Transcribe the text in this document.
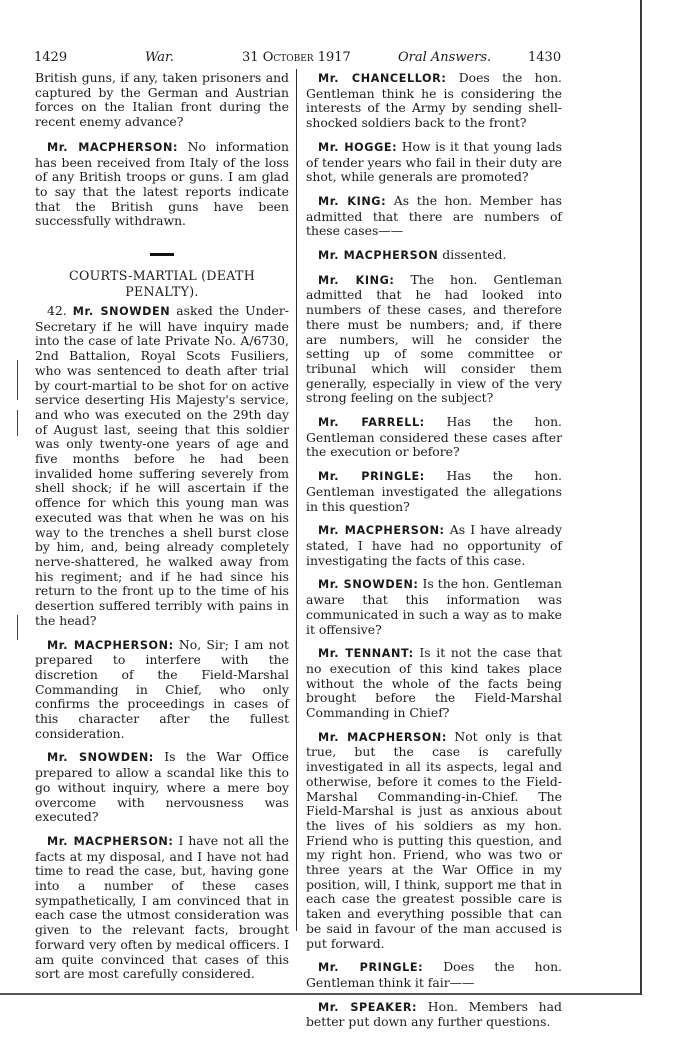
1429	War.	31 October 1917	Oral Answers.	1430

British guns, if any, taken prisoners and captured by the German and Austrian forces on the Italian front during the recent enemy advance?

Mr. MACPHERSON: No information has been received from Italy of the loss of any British troops or guns. I am glad to say that the latest reports indicate that the British guns have been successfully withdrawn.

COURTS-MARTIAL (DEATH
PENALTY).

42. Mr. SNOWDEN asked the Under-Secretary if he will have inquiry made into the case of late Private No. A/6730, 2nd Battalion, Royal Scots Fusiliers, who was sentenced to death after trial by court-martial to be shot for on active service deserting His Majesty's service, and who was executed on the 29th day of August last, seeing that this soldier was only twenty-one years of age and five months before he had been invalided home suffering severely from shell shock; if he will ascertain if the offence for which this young man was executed was that when he was on his way to the trenches a shell burst close by him, and, being already completely nerve-shattered, he walked away from his regiment; and if he had since his return to the front up to the time of his desertion suffered terribly with pains in the head?

Mr. MACPHERSON: No, Sir; I am not prepared to interfere with the discretion of the Field-Marshal Commanding in Chief, who only confirms the proceedings in cases of this character after the fullest consideration.

Mr. SNOWDEN: Is the War Office prepared to allow a scandal like this to go without inquiry, where a mere boy overcome with nervousness was executed?

Mr. MACPHERSON: I have not all the facts at my disposal, and I have not had time to read the case, but, having gone into a number of these cases sympathetically, I am convinced that in each case the utmost consideration was given to the relevant facts, brought forward very often by medical officers. I am quite convinced that cases of this sort are most carefully considered.

Mr. CHANCELLOR: Does the hon. Gentleman think he is considering the interests of the Army by sending shell-shocked soldiers back to the front?

Mr. HOGGE: How is it that young lads of tender years who fail in their duty are shot, while generals are promoted?

Mr. KING: As the hon. Member has admitted that there are numbers of these cases——

Mr. MACPHERSON dissented.

Mr. KING: The hon. Gentleman admitted that he had looked into numbers of these cases, and therefore there must be numbers; and, if there are numbers, will he consider the setting up of some committee or tribunal which will consider them generally, especially in view of the very strong feeling on the subject?

Mr. FARRELL: Has the hon. Gentleman considered these cases after the execution or before?

Mr. PRINGLE: Has the hon. Gentleman investigated the allegations in this question?

Mr. MACPHERSON: As I have already stated, I have had no opportunity of investigating the facts of this case.

Mr. SNOWDEN: Is the hon. Gentleman aware that this information was communicated in such a way as to make it offensive?

Mr. TENNANT: Is it not the case that no execution of this kind takes place without the whole of the facts being brought before the Field-Marshal Commanding in Chief?

Mr. MACPHERSON: Not only is that true, but the case is carefully investigated in all its aspects, legal and otherwise, before it comes to the Field-Marshal Commanding-in-Chief. The Field-Marshal is just as anxious about the lives of his soldiers as my hon. Friend who is putting this question, and my right hon. Friend, who was two or three years at the War Office in my position, will, I think, support me that in each case the greatest possible care is taken and everything possible that can be said in favour of the man accused is put forward.

Mr. PRINGLE: Does the hon. Gentleman think it fair——

Mr. SPEAKER: Hon. Members had better put down any further questions.
